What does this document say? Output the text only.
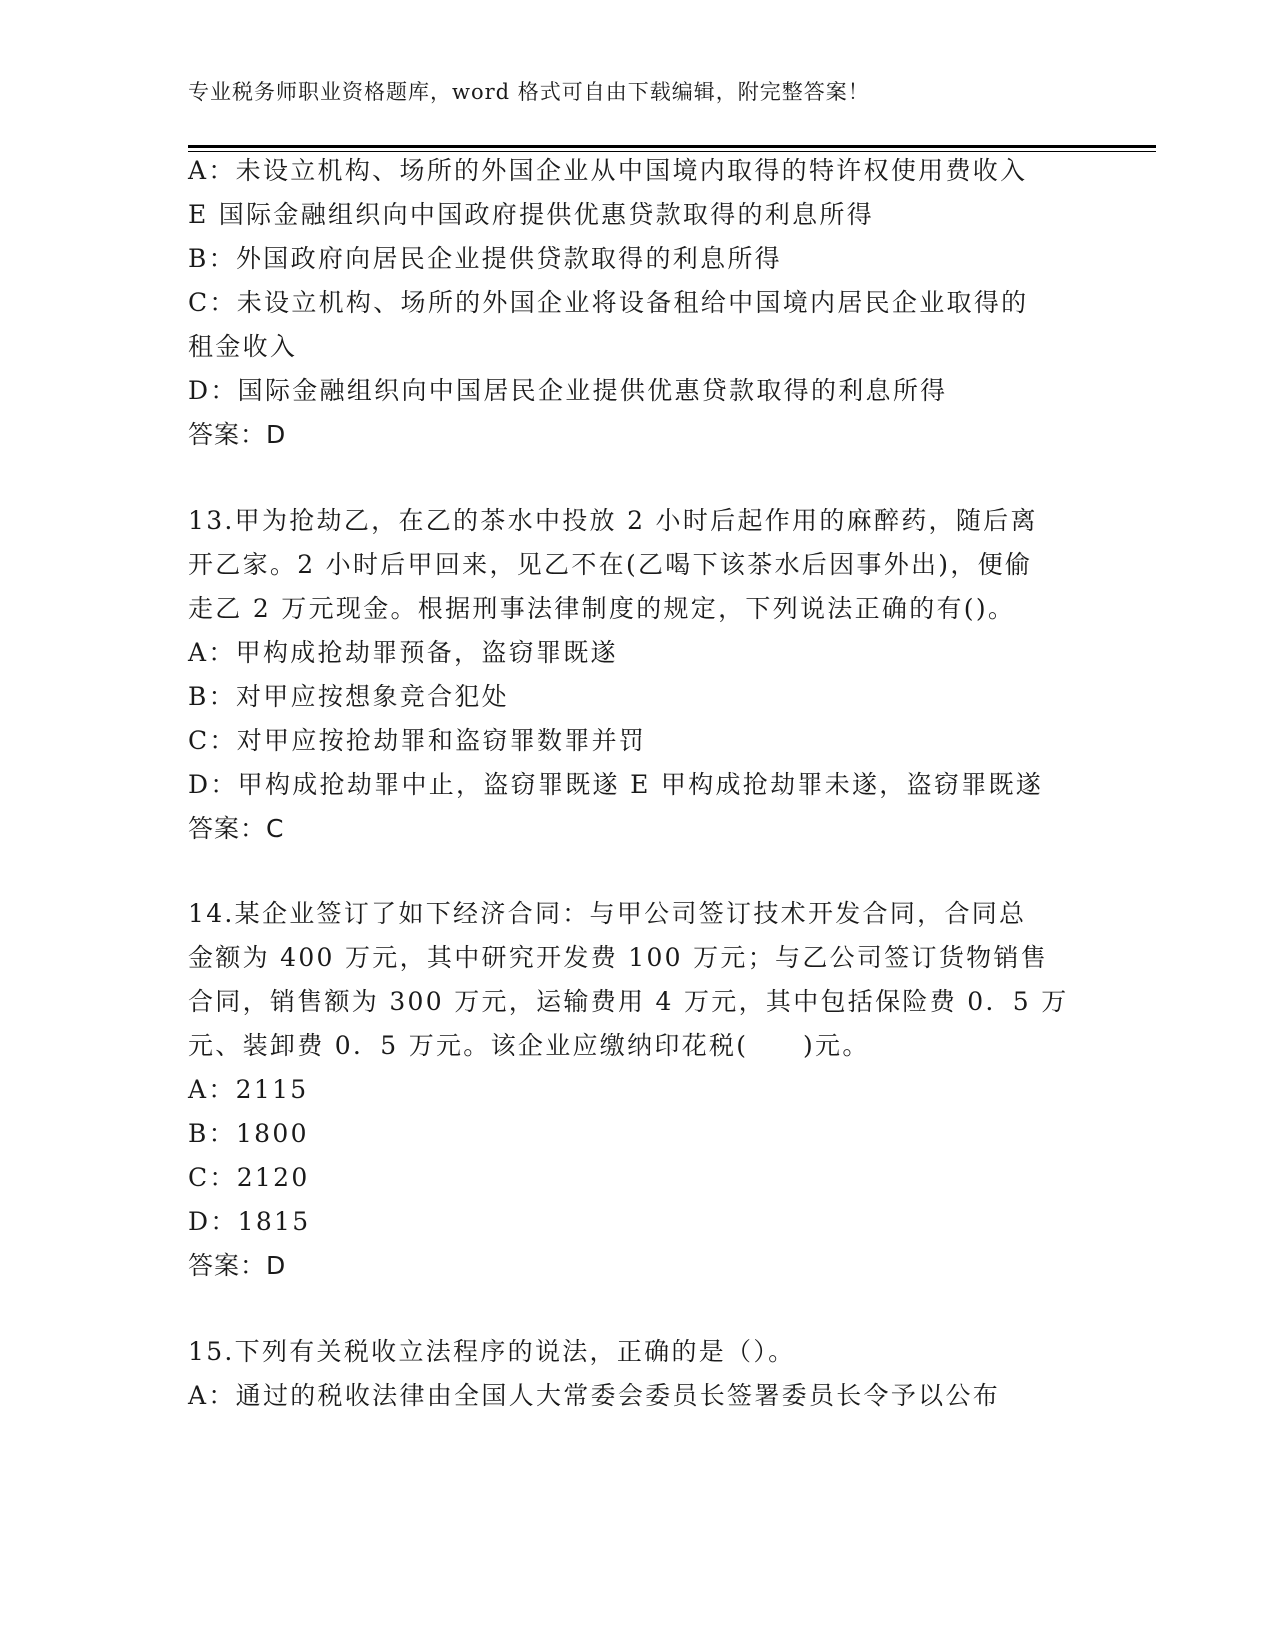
专业税务师职业资格题库，word 格式可自由下载编辑，附完整答案！
A：未设立机构、场所的外国企业从中国境内取得的特许权使用费收入
E 国际金融组织向中国政府提供优惠贷款取得的利息所得
B：外国政府向居民企业提供贷款取得的利息所得
C：未设立机构、场所的外国企业将设备租给中国境内居民企业取得的
租金收入
D：国际金融组织向中国居民企业提供优惠贷款取得的利息所得
答案：D
13.甲为抢劫乙，在乙的茶水中投放 2 小时后起作用的麻醉药，随后离
开乙家。2 小时后甲回来，见乙不在(乙喝下该茶水后因事外出)，便偷
走乙 2 万元现金。根据刑事法律制度的规定，下列说法正确的有()。
A：甲构成抢劫罪预备，盗窃罪既遂
B：对甲应按想象竞合犯处
C：对甲应按抢劫罪和盗窃罪数罪并罚
D：甲构成抢劫罪中止，盗窃罪既遂 E 甲构成抢劫罪未遂，盗窃罪既遂
答案：C
14.某企业签订了如下经济合同：与甲公司签订技术开发合同，合同总
金额为 400 万元，其中研究开发费 100 万元；与乙公司签订货物销售
合同，销售额为 300 万元，运输费用 4 万元，其中包括保险费 0．5 万
元、装卸费 0．5 万元。该企业应缴纳印花税(　　)元。
A：2115
B：1800
C：2120
D：1815
答案：D
15.下列有关税收立法程序的说法，正确的是（）。
A：通过的税收法律由全国人大常委会委员长签署委员长令予以公布
